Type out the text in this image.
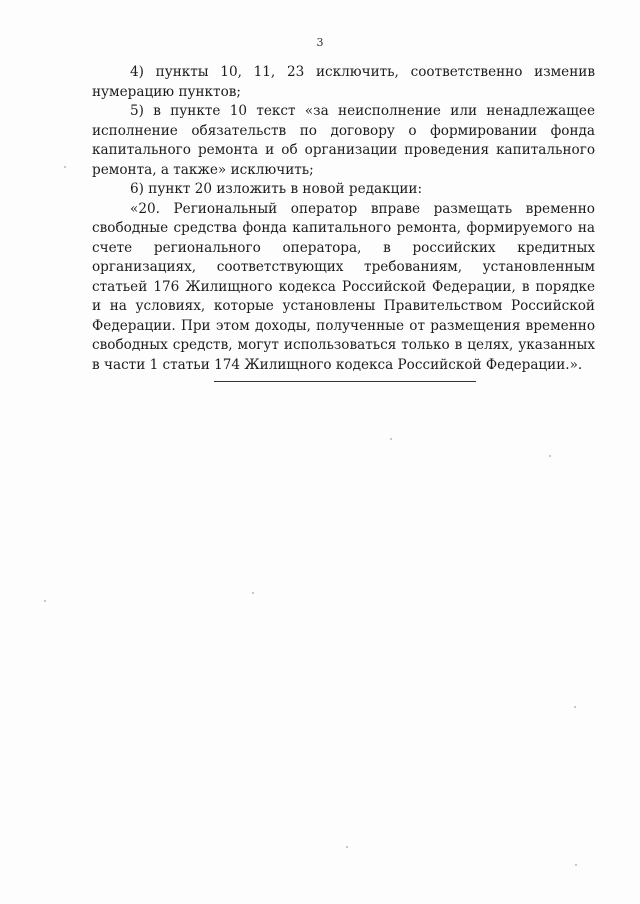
3

4) пункты 10, 11, 23 исключить, соответственно изменив нумерацию пунктов;

5) в пункте 10 текст «за неисполнение или ненадлежащее исполнение обязательств по договору о формировании фонда капитального ремонта и об организации проведения капитального ремонта, а также» исключить;

6) пункт 20 изложить в новой редакции:

«20. Региональный оператор вправе размещать временно свободные средства фонда капитального ремонта, формируемого на счете регионального оператора, в российских кредитных организациях, соответствующих требованиям, установленным статьей 176 Жилищного кодекса Российской Федерации, в порядке и на условиях, которые установлены Правительством Российской Федерации. При этом доходы, полученные от размещения временно свободных средств, могут использоваться только в целях, указанных в части 1 статьи 174 Жилищного кодекса Российской Федерации.».
